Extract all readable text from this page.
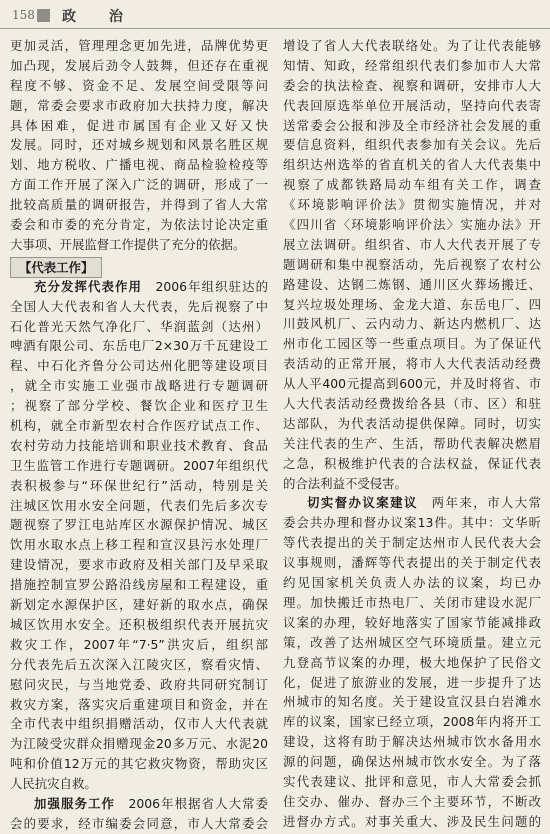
158 政 治
更加灵活，管理理念更加先进，品牌优势更
加凸现，发展后劲令人鼓舞，但还存在重视
程度不够、资金不足、发展空间受限等问
题，常委会要求市政府加大扶持力度，解决
具体困难，促进市属国有企业又好又快
发展。同时，还对城乡规划和风景名胜区规
划、地方税收、广播电视、商品检验检疫等
方面工作开展了深入广泛的调研，形成了一
批较高质量的调研报告，并得到了省人大常
委会和市委的充分肯定，为依法讨论决定重
大事项、开展监督工作提供了充分的依据。
【代表工作】
充分发挥代表作用　 2006年组织驻达的
全国人大代表和省人大代表，先后视察了中
石化普光天然气净化厂、华润蓝剑（达州）
啤酒有限公司、东岳电厂2×30万千瓦建设工
程、中石化齐鲁分公司达州化肥等建设项目
，就全市实施工业强市战略进行专题调研
；视察了部分学校、餐饮企业和医疗卫生
机构，就全市新型农村合作医疗试点工作、
农村劳动力技能培训和职业技术教育、食品
卫生监管工作进行专题调研。2007年组织代
表积极参与“环保世纪行”活动，特别是关
注城区饮用水安全问题，代表们先后多次专
题视察了罗江电站库区水源保护情况、城区
饮用水取水点上移工程和宣汉县污水处理厂
建设情况，要求市政府及相关部门及早采取
措施控制宣罗公路沿线房屋和工程建设，重
新划定水源保护区，建好新的取水点，确保
城区饮用水安全。还积极组织代表开展抗灾
救灾工作，2007年“7·5”洪灾后，组织部
分代表先后五次深入江陵灾区，察看灾情、
慰问灾民，与当地党委、政府共同研究制订
救灾方案，落实灾后重建项目和资金，并在
全市代表中组织捐赠活动，仅市人大代表就
为江陵受灾群众捐赠现金20多万元、水泥20
吨和价值12万元的其它救灾物资，帮助灾区
人民抗灾自救。
加强服务工作　 2006年根据省人大常委
会的要求，经市编委会同意，市人大常委会
增设了省人大代表联络处。为了让代表能够
知情、知政，经常组织代表们参加市人大常
委会的执法检查、视察和调研，安排市人大
代表回原选举单位开展活动，坚持向代表寄
送常委会公报和涉及全市经济社会发展的重
要信息资料，组织代表参加有关会议。先后
组织达州选举的省直机关的省人大代表集中
视察了成都铁路局动车组有关工作，调查
《环境影响评价法》贯彻实施情况，并对
《四川省〈环境影响评价法〉实施办法》开
展立法调研。组织省、市人大代表开展了专
题调研和集中视察活动，先后视察了农村公
路建设、达钢二炼钢、通川区火葬场搬迁、
复兴垃圾处理场、金龙大道、东岳电厂、四
川鼓风机厂、云内动力、新达内燃机厂、达
州市化工园区等一些重点项目。为了保证代
表活动的正常开展，将市人大代表活动经费
从人平400元提高到600元，并及时将省、市
人大代表活动经费拨给各县（市、区）和驻
达部队，为代表活动提供保障。同时，切实
关注代表的生产、生活，帮助代表解决燃眉
之急，积极维护代表的合法权益，保证代表
的合法利益不受侵害。
切实督办议案建议　 两年来，市人大常
委会共办理和督办议案13件。其中：文华昕
等代表提出的关于制定达州市人民代表大会
议事规则，潘辉等代表提出的关于制定代表
约见国家机关负责人办法的议案，均已办
理。加快搬迁市热电厂、关闭市建设水泥厂
议案的办理，较好地落实了国家节能减排政
策，改善了达州城区空气环境质量。建立元
九登高节议案的办理，极大地保护了民俗文
化，促进了旅游业的发展，进一步提升了达
州城市的知名度。关于建设宣汉县白岩滩水
库的议案，国家已经立项，2008年内将开工
建设，这将有助于解决达州城市饮水备用水
源的问题，确保达州城市饮水安全。为了落
实代表建议、批评和意见，市人大常委会抓
住交办、催办、督办三个主要环节，不断改
进督办方式。对事关重大、涉及民生问题的
